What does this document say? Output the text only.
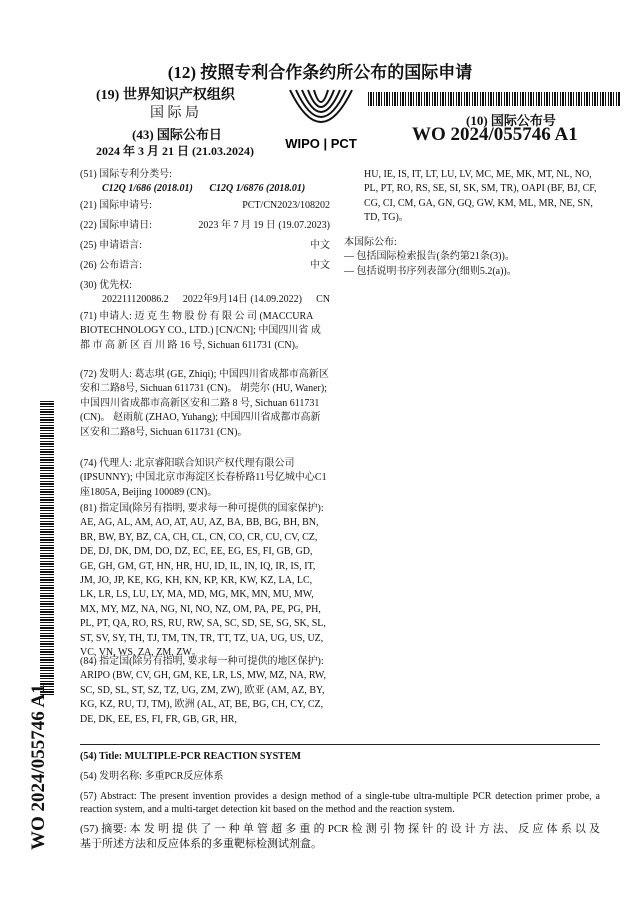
(12) 按照专利合作条约所公布的国际申请
(19) 世界知识产权组织
国 际 局
(43) 国际公布日
2024 年 3 月 21 日 (21.03.2024) WIPO | PCT
(10) 国际公布号
WO 2024/055746 A1
WO 2024/055746 A1
(51) 国际专利分类号:
C12Q 1/686 (2018.01) C12Q 1/6876 (2018.01)
(21) 国际申请号:	PCT/CN2023/108202
(22) 国际申请日:	2023 年 7 月 19 日 (19.07.2023)
(25) 申请语言:	中文
(26) 公布语言:	中文
(30) 优先权:
202211120086.2 2022年9月14日 (14.09.2022) CN
(71) 申请人: 迈 克 生 物 股 份 有 限 公 司 (MACCURA BIOTECHNOLOGY CO., LTD.) [CN/CN]; 中国四川省 成 都 市 高 新 区 百 川 路 16 号, Sichuan 611731 (CN)。
(72) 发明人: 葛志琪 (GE, Zhiqi); 中国四川省成都市高新区安和二路8号, Sichuan 611731 (CN)。 胡莞尔 (HU, Waner); 中国四川省成都市高新区安和二路 8 号, Sichuan 611731 (CN)。 赵雨航 (ZHAO, Yuhang); 中国四川省成都市高新区安和二路8号, Sichuan 611731 (CN)。
(74) 代理人: 北京睿阳联合知识产权代理有限公司 (IPSUNNY); 中国北京市海淀区长春桥路11号亿城中心C1座1805A, Beijing 100089 (CN)。
(81) 指定国(除另有指明, 要求每一种可提供的国家保护): AE, AG, AL, AM, AO, AT, AU, AZ, BA, BB, BG, BH, BN, BR, BW, BY, BZ, CA, CH, CL, CN, CO, CR, CU, CV, CZ, DE, DJ, DK, DM, DO, DZ, EC, EE, EG, ES, FI, GB, GD, GE, GH, GM, GT, HN, HR, HU, ID, IL, IN, IQ, IR, IS, IT, JM, JO, JP, KE, KG, KH, KN, KP, KR, KW, KZ, LA, LC, LK, LR, LS, LU, LY, MA, MD, MG, MK, MN, MU, MW, MX, MY, MZ, NA, NG, NI, NO, NZ, OM, PA, PE, PG, PH, PL, PT, QA, RO, RS, RU, RW, SA, SC, SD, SE, SG, SK, SL, ST, SV, SY, TH, TJ, TM, TN, TR, TT, TZ, UA, UG, US, UZ, VC, VN, WS, ZA, ZM, ZW。
(84) 指定国(除另有指明, 要求每一种可提供的地区保护): ARIPO (BW, CV, GH, GM, KE, LR, LS, MW, MZ, NA, RW, SC, SD, SL, ST, SZ, TZ, UG, ZM, ZW), 欧亚 (AM, AZ, BY, KG, KZ, RU, TJ, TM), 欧洲 (AL, AT, BE, BG, CH, CY, CZ, DE, DK, EE, ES, FI, FR, GB, GR, HR,
HU, IE, IS, IT, LT, LU, LV, MC, ME, MK, MT, NL, NO, PL, PT, RO, RS, SE, SI, SK, SM, TR), OAPI (BF, BJ, CF, CG, CI, CM, GA, GN, GQ, GW, KM, ML, MR, NE, SN, TD, TG)。

本国际公布:

— 包括国际检索报告(条约第21条(3))。

— 包括说明书序列表部分(细则5.2(a))。

(54) Title: MULTIPLE-PCR REACTION SYSTEM
(54) 发明名称: 多重PCR反应体系
(57) Abstract: The present invention provides a design method of a single-tube ultra-multiple PCR detection primer probe, a reaction system, and a multi-target detection kit based on the method and the reaction system.
(57) 摘要: 本 发 明 提 供 了 一 种 单 管 超 多 重 的 PCR 检 测 引 物 探 针 的 设 计 方 法、 反 应 体 系 以 及 基于所述方法和反应体系的多重靶标检测试剂盒。
